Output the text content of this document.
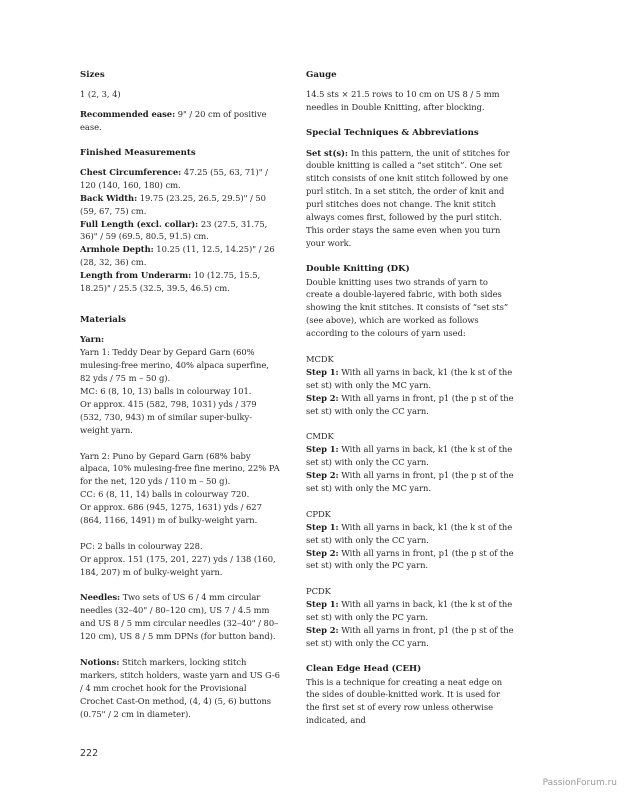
Sizes

1 (2, 3, 4)

Recommended ease: 9" / 20 cm of positive ease.

Finished Measurements

Chest Circumference: 47.25 (55, 63, 71)" / 120 (140, 160, 180) cm.

Back Width: 19.75 (23.25, 26.5, 29.5)" / 50 (59, 67, 75) cm.

Full Length (excl. collar): 23 (27.5, 31.75, 36)" / 59 (69.5, 80.5, 91.5) cm.

Armhole Depth: 10.25 (11, 12.5, 14.25)" / 26 (28, 32, 36) cm.

Length from Underarm: 10 (12.75, 15.5, 18.25)" / 25.5 (32.5, 39.5, 46.5) cm.

Materials

Yarn:

Yarn 1: Teddy Dear by Gepard Garn (60% mulesing-free merino, 40% alpaca superfine, 82 yds / 75 m – 50 g).

MC: 6 (8, 10, 13) balls in colourway 101.

Or approx. 415 (582, 798, 1031) yds / 379 (532, 730, 943) m of similar super-bulky-weight yarn.

Yarn 2: Puno by Gepard Garn (68% baby alpaca, 10% mulesing-free fine merino, 22% PA for the net, 120 yds / 110 m – 50 g).

CC: 6 (8, 11, 14) balls in colourway 720.

Or approx. 686 (945, 1275, 1631) yds / 627 (864, 1166, 1491) m of bulky-weight yarn.

PC: 2 balls in colourway 228.

Or approx. 151 (175, 201, 227) yds / 138 (160, 184, 207) m of bulky-weight yarn.

Needles: Two sets of US 6 / 4 mm circular needles (32–40" / 80–120 cm), US 7 / 4.5 mm and US 8 / 5 mm circular needles (32–40" / 80–120 cm), US 8 / 5 mm DPNs (for button band).

Notions: Stitch markers, locking stitch markers, stitch holders, waste yarn and US G-6 / 4 mm crochet hook for the Provisional Crochet Cast-On method, (4, 4) (5, 6) buttons (0.75" / 2 cm in diameter).

Gauge

14.5 sts × 21.5 rows to 10 cm on US 8 / 5 mm needles in Double Knitting, after blocking.

Special Techniques & Abbreviations

Set st(s): In this pattern, the unit of stitches for double knitting is called a “set stitch”. One set stitch consists of one knit stitch followed by one purl stitch. In a set stitch, the order of knit and purl stitches does not change. The knit stitch always comes first, followed by the purl stitch. This order stays the same even when you turn your work.

Double Knitting (DK)

Double knitting uses two strands of yarn to create a double-layered fabric, with both sides showing the knit stitches. It consists of “set sts” (see above), which are worked as follows according to the colours of yarn used:

MCDK

Step 1: With all yarns in back, k1 (the k st of the set st) with only the MC yarn.

Step 2: With all yarns in front, p1 (the p st of the set st) with only the CC yarn.

CMDK

Step 1: With all yarns in back, k1 (the k st of the set st) with only the CC yarn.

Step 2: With all yarns in front, p1 (the p st of the set st) with only the MC yarn.

CPDK

Step 1: With all yarns in back, k1 (the k st of the set st) with only the CC yarn.

Step 2: With all yarns in front, p1 (the p st of the set st) with only the PC yarn.

PCDK

Step 1: With all yarns in back, k1 (the k st of the set st) with only the PC yarn.

Step 2: With all yarns in front, p1 (the p st of the set st) with only the CC yarn.

Clean Edge Head (CEH)

This is a technique for creating a neat edge on the sides of double-knitted work. It is used for the first set st of every row unless otherwise indicated, and

222
PassionForum.ru
